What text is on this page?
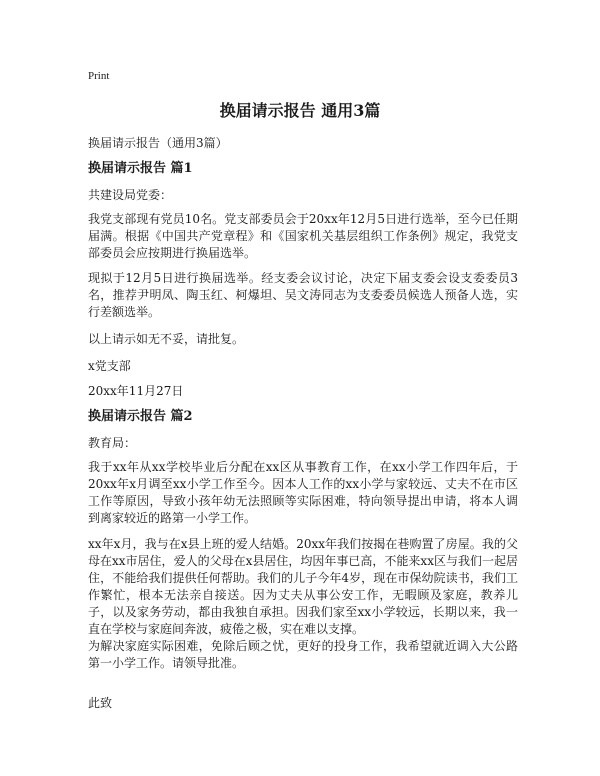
Print
换届请示报告 通用3篇

换届请示报告（通用3篇）

换届请示报告 篇1

共建设局党委：

我党支部现有党员10名。党支部委员会于20xx年12月5日进行选举，至今已任期届满。根据《中国共产党章程》和《国家机关基层组织工作条例》规定，我党支部委员会应按期进行换届选举。

现拟于12月5日进行换届选举。经支委会议讨论，决定下届支委会设支委委员3名，推荐尹明凤、陶玉红、柯爆坦、吴文涛同志为支委委员候选人预备人选，实行差额选举。

以上请示如无不妥，请批复。

x党支部

20xx年11月27日

换届请示报告 篇2

教育局：

我于xx年从xx学校毕业后分配在xx区从事教育工作，在xx小学工作四年后，于20xx年x月调至xx小学工作至今。因本人工作的xx小学与家较远、丈夫不在市区工作等原因，导致小孩年幼无法照顾等实际困难，特向领导提出申请，将本人调到离家较近的路第一小学工作。

xx年x月，我与在x县上班的爱人结婚。20xx年我们按揭在巷购置了房屋。我的父母在xx市居住，爱人的父母在x县居住，均因年事已高，不能来xx区与我们一起居住，不能给我们提供任何帮助。我们的儿子今年4岁，现在市保幼院读书，我们工作繁忙，根本无法亲自接送。因为丈夫从事公安工作，无暇顾及家庭，教养儿子，以及家务劳动，都由我独自承担。因我们家至xx小学较远，长期以来，我一直在学校与家庭间奔波，疲倦之极，实在难以支撑。

为解决家庭实际困难，免除后顾之忧，更好的投身工作，我希望就近调入大公路第一小学工作。请领导批准。

此致
